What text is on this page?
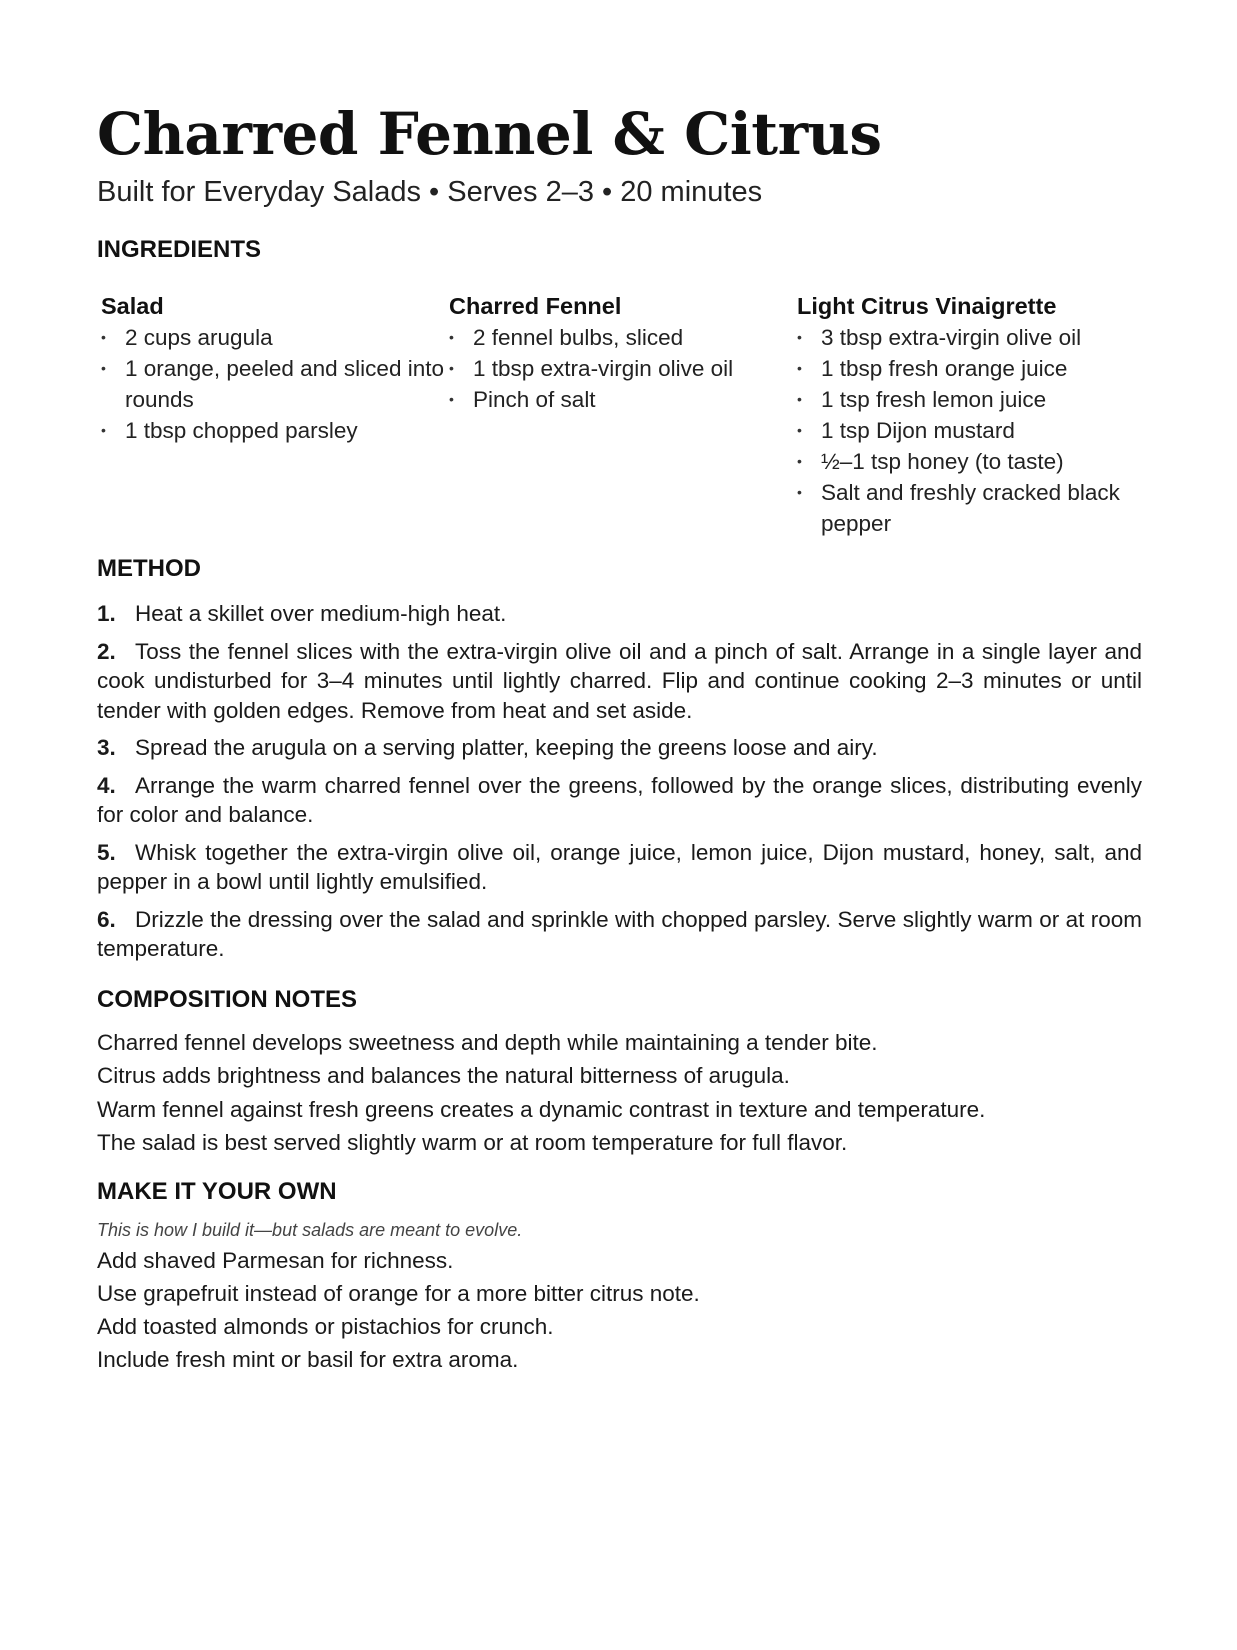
Charred Fennel & Citrus

Built for Everyday Salads • Serves 2–3 • 20 minutes

INGREDIENTS
Salad
• 2 cups arugula
• 1 orange, peeled and sliced into rounds
• 1 tbsp chopped parsley
Charred Fennel
• 2 fennel bulbs, sliced
• 1 tbsp extra-virgin olive oil
• Pinch of salt
Light Citrus Vinaigrette
• 3 tbsp extra-virgin olive oil
• 1 tbsp fresh orange juice
• 1 tsp fresh lemon juice
• 1 tsp Dijon mustard
• ½–1 tsp honey (to taste)
• Salt and freshly cracked black pepper
METHOD
1. Heat a skillet over medium-high heat.
2. Toss the fennel slices with the extra-virgin olive oil and a pinch of salt. Arrange in a single layer and cook undisturbed for 3–4 minutes until lightly charred. Flip and continue cooking 2–3 minutes or until tender with golden edges. Remove from heat and set aside.
3. Spread the arugula on a serving platter, keeping the greens loose and airy.
4. Arrange the warm charred fennel over the greens, followed by the orange slices, distributing evenly for color and balance.
5. Whisk together the extra-virgin olive oil, orange juice, lemon juice, Dijon mustard, honey, salt, and pepper in a bowl until lightly emulsified.
6. Drizzle the dressing over the salad and sprinkle with chopped parsley. Serve slightly warm or at room temperature.
COMPOSITION NOTES
Charred fennel develops sweetness and depth while maintaining a tender bite.
Citrus adds brightness and balances the natural bitterness of arugula.
Warm fennel against fresh greens creates a dynamic contrast in texture and temperature.
The salad is best served slightly warm or at room temperature for full flavor.
MAKE IT YOUR OWN

This is how I build it—but salads are meant to evolve.

Add shaved Parmesan for richness.
Use grapefruit instead of orange for a more bitter citrus note.
Add toasted almonds or pistachios for crunch.
Include fresh mint or basil for extra aroma.
